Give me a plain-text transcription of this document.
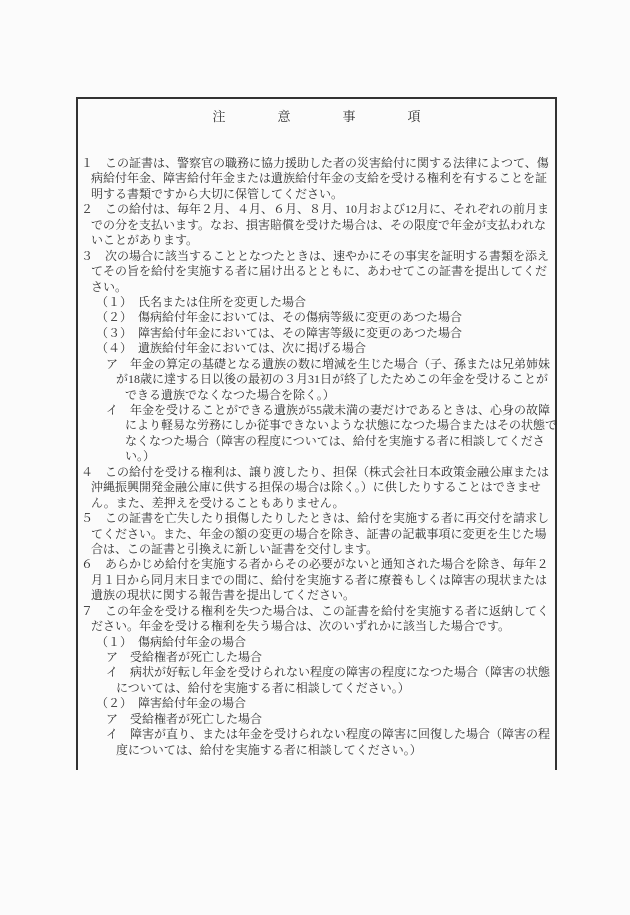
注　　　　意　　　　事　　　　項
１　この証書は、警察官の職務に協力援助した者の災害給付に関する法律によつて、傷
病給付年金、障害給付年金または遺族給付年金の支給を受ける権利を有することを証
明する書類ですから大切に保管してください。
２　この給付は、毎年２月、４月、６月、８月、10月および12月に、それぞれの前月ま
での分を支払います。なお、損害賠償を受けた場合は、その限度で年金が支払われな
いことがあります。
３　次の場合に該当することとなつたときは、速やかにその事実を証明する書類を添え
てその旨を給付を実施する者に届け出るとともに、あわせてこの証書を提出してくだ
さい。
（１）　氏名または住所を変更した場合
（２）　傷病給付年金においては、その傷病等級に変更のあつた場合
（３）　障害給付年金においては、その障害等級に変更のあつた場合
（４）　遺族給付年金においては、次に掲げる場合
ア　年金の算定の基礎となる遺族の数に増減を生じた場合（子、孫または兄弟姉妹
が18歳に達する日以後の最初の３月31日が終了したためこの年金を受けることが
できる遺族でなくなつた場合を除く。）
イ　年金を受けることができる遺族が55歳未満の妻だけであるときは、心身の故障
により軽易な労務にしか従事できないような状態になつた場合またはその状態で
なくなつた場合（障害の程度については、給付を実施する者に相談してくださ
い。）
４　この給付を受ける権利は、譲り渡したり、担保（株式会社日本政策金融公庫または
沖縄振興開発金融公庫に供する担保の場合は除く。）に供したりすることはできませ
ん。また、差押えを受けることもありません。
５　この証書を亡失したり損傷したりしたときは、給付を実施する者に再交付を請求し
てください。また、年金の額の変更の場合を除き、証書の記載事項に変更を生じた場
合は、この証書と引換えに新しい証書を交付します。
６　あらかじめ給付を実施する者からその必要がないと通知された場合を除き、毎年２
月１日から同月末日までの間に、給付を実施する者に療養もしくは障害の現状または
遺族の現状に関する報告書を提出してください。
７　この年金を受ける権利を失つた場合は、この証書を給付を実施する者に返納してく
ださい。年金を受ける権利を失う場合は、次のいずれかに該当した場合です。
（１）　傷病給付年金の場合
ア　受給権者が死亡した場合
イ　病状が好転し年金を受けられない程度の障害の程度になつた場合（障害の状態
については、給付を実施する者に相談してください。）
（２）　障害給付年金の場合
ア　受給権者が死亡した場合
イ　障害が直り、または年金を受けられない程度の障害に回復した場合（障害の程
度については、給付を実施する者に相談してください。）
